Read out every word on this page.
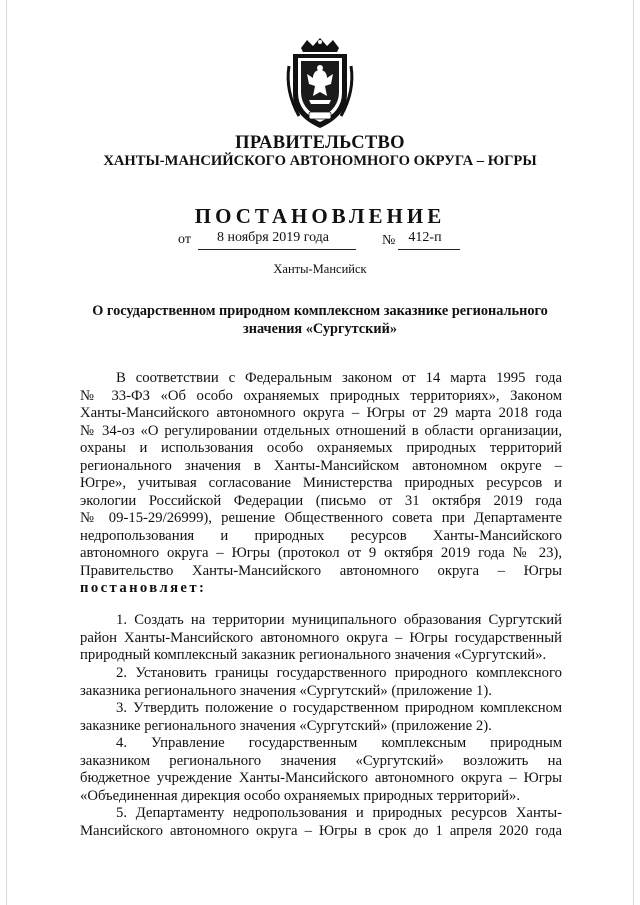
ПРАВИТЕЛЬСТВО
ХАНТЫ-МАНСИЙСКОГО АВТОНОМНОГО ОКРУГА – ЮГРЫ
ПОСТАНОВЛЕНИЕ
от	8 ноября 2019 года	№ 412-п
Ханты-Мансийск
О государственном природном комплексном заказнике регионального
значения «Сургутский»
В соответствии с Федеральным законом от 14 марта 1995 года
№ 33-ФЗ «Об особо охраняемых природных территориях», Законом
Ханты-Мансийского автономного округа – Югры от 29 марта 2018 года
№ 34-оз «О регулировании отдельных отношений в области организации,
охраны и использования особо охраняемых природных территорий
регионального значения в Ханты-Мансийском автономном округе –
Югре», учитывая согласование Министерства природных ресурсов и
экологии Российской Федерации (письмо от 31 октября 2019 года
№ 09-15-29/26999), решение Общественного совета при Департаменте
недропользования и природных ресурсов Ханты-Мансийского
автономного округа – Югры (протокол от 9 октября 2019 года № 23),
Правительство Ханты-Мансийского автономного округа – Югры
постановляет:
1. Создать на территории муниципального образования Сургутский
район Ханты-Мансийского автономного округа – Югры государственный
природный комплексный заказник регионального значения «Сургутский».
2. Установить границы государственного природного комплексного
заказника регионального значения «Сургутский» (приложение 1).
3. Утвердить положение о государственном природном комплексном
заказнике регионального значения «Сургутский» (приложение 2).
4. Управление государственным комплексным природным
заказником регионального значения «Сургутский» возложить на
бюджетное учреждение Ханты-Мансийского автономного округа – Югры
«Объединенная дирекция особо охраняемых природных территорий».
5. Департаменту недропользования и природных ресурсов Ханты-
Мансийского автономного округа – Югры в срок до 1 апреля 2020 года
